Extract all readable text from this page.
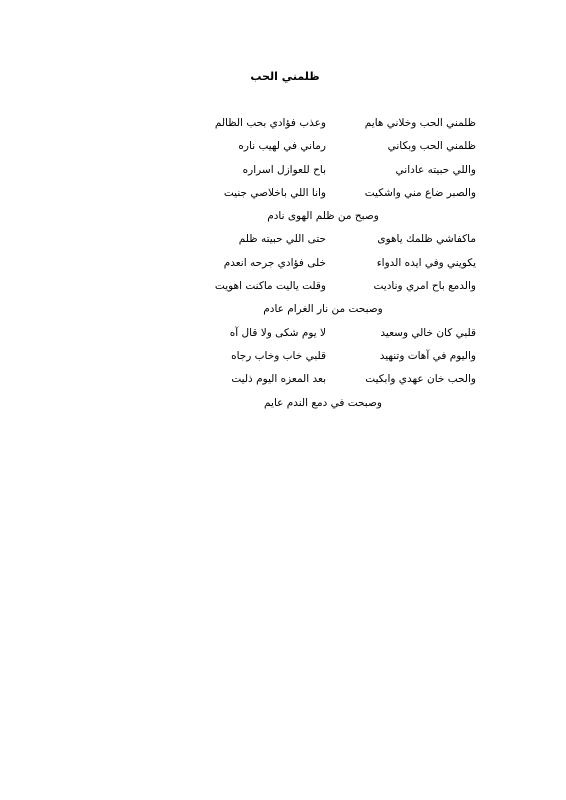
ظلمني الحب
ظلمني الحب وخلاني هايم
وعذب فؤادي بحب الظالم
ظلمني الحب وبكاني
رماني في لهيب ناره
واللي حبيته عاداني
باح للعوازل اسراره
والصبر ضاع مني واشكيت
وانا اللي باخلاصي جنيت
وصبح من ظلم الهوى نادم
ماكفاشي ظلمك ياهوى
حتى اللي حبيته ظلم
يكويني وفي ايده الدواء
خلى فؤادي جرحه انعدم
والدمع باح امري وناديت
وقلت ياليت ماكنت اهويت
وصبحت من نار الغرام عادم
قلبي كان خالي وسعيد
لا يوم شكى ولا قال آه
واليوم في آهات وتنهيد
قلبي خاب وخاب رجاه
والحب خان عهدي وابكيت
بعد المعزه اليوم ذليت
وصبحت في دمع الندم عايم
